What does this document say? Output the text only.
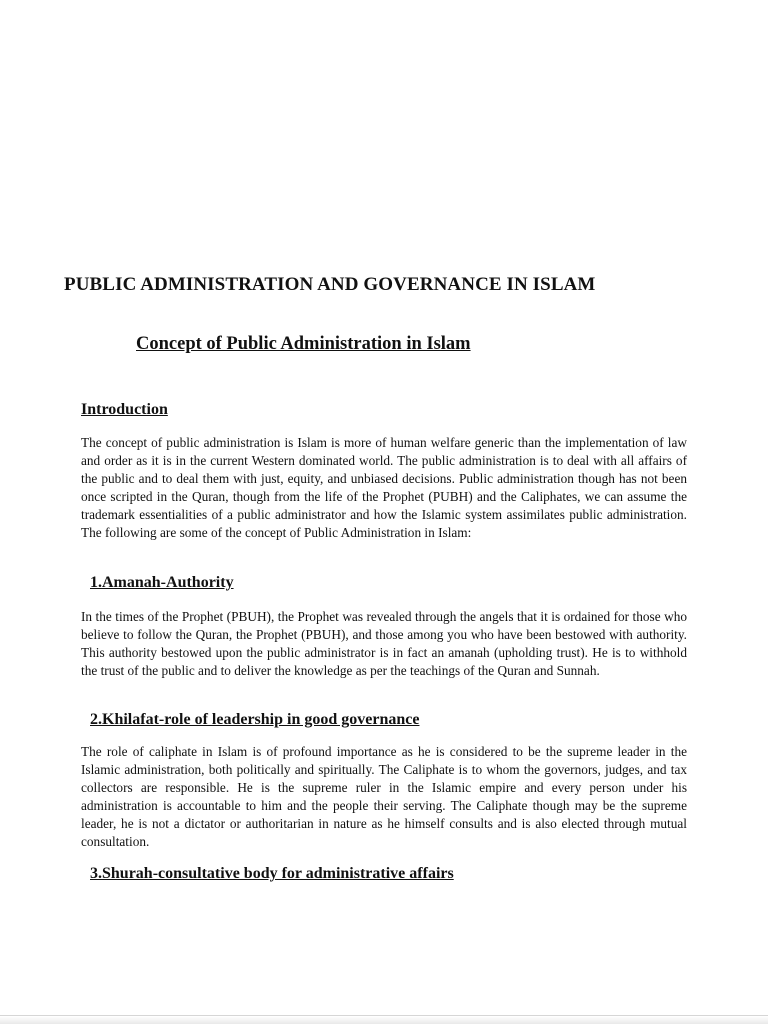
PUBLIC ADMINISTRATION AND GOVERNANCE IN ISLAM
Concept of Public Administration in Islam
Introduction

The concept of public administration is Islam is more of human welfare generic than the implementation of law and order as it is in the current Western dominated world. The public administration is to deal with all affairs of the public and to deal them with just, equity, and unbiased decisions. Public administration though has not been once scripted in the Quran, though from the life of the Prophet (PUBH) and the Caliphates, we can assume the trademark essentialities of a public administrator and how the Islamic system assimilates public administration. The following are some of the concept of Public Administration in Islam:

1.Amanah-Authority

In the times of the Prophet (PBUH), the Prophet was revealed through the angels that it is ordained for those who believe to follow the Quran, the Prophet (PBUH), and those among you who have been bestowed with authority. This authority bestowed upon the public administrator is in fact an amanah (upholding trust). He is to withhold the trust of the public and to deliver the knowledge as per the teachings of the Quran and Sunnah.

2.Khilafat-role of leadership in good governance

The role of caliphate in Islam is of profound importance as he is considered to be the supreme leader in the Islamic administration, both politically and spiritually. The Caliphate is to whom the governors, judges, and tax collectors are responsible. He is the supreme ruler in the Islamic empire and every person under his administration is accountable to him and the people their serving. The Caliphate though may be the supreme leader, he is not a dictator or authoritarian in nature as he himself consults and is also elected through mutual consultation.

3.Shurah-consultative body for administrative affairs
